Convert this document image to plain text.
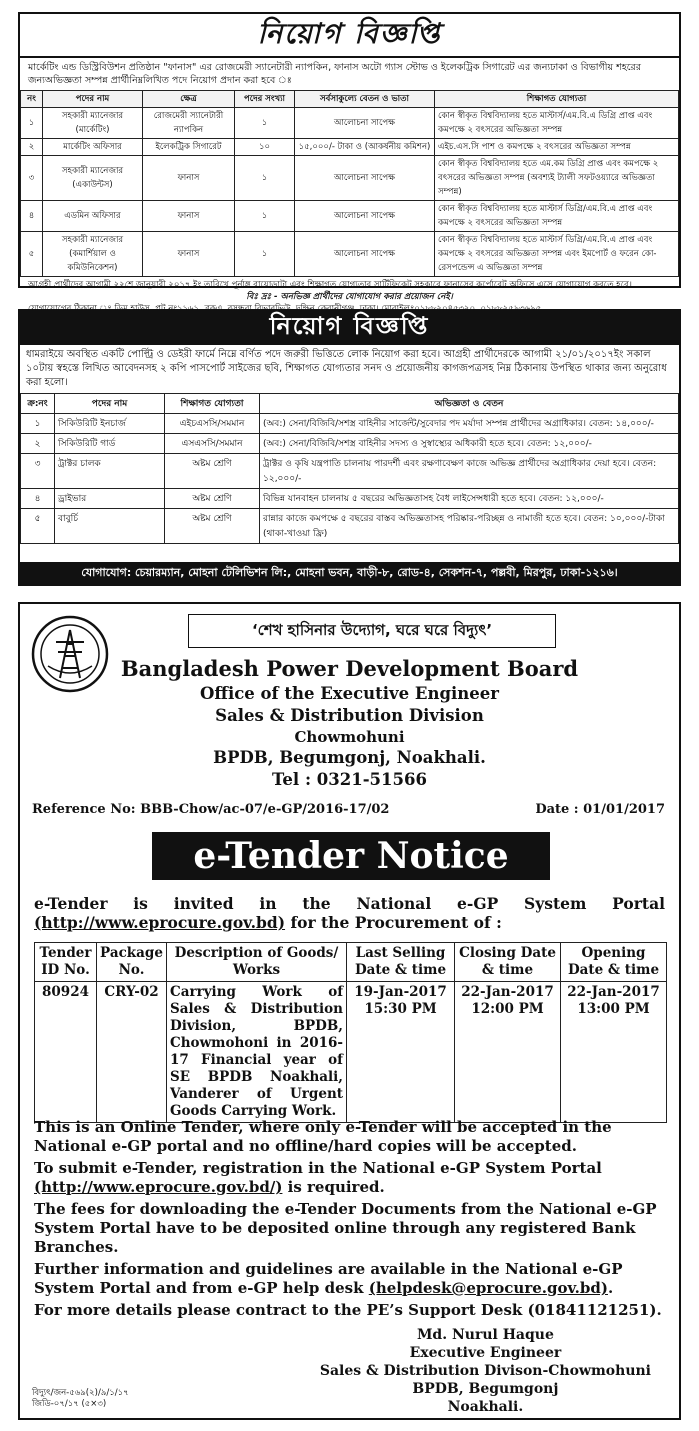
নিয়োগ বিজ্ঞপ্তি
মার্কেটিং এন্ড ডিস্ট্রিবিউশন প্রতিষ্ঠান "ফানাস" এর রোজমেরী স্যানেটারী ন্যাপকিন, ফানাস অটো গ্যাস স্টোভ ও ইলেকট্রিক সিগারেট এর জন্যঢাকা ও বিভাগীয় শহরের জন্যঅভিজ্ঞতা সম্পন্ন প্রার্থীনিম্নলিখিত পদে নিয়োগ প্রদান করা হবে ঃ
নং	পদের নাম	ক্ষেত্র	পদের সংখ্যা	সর্বসাকুল্যে বেতন ও ভাতা	শিক্ষাগত যোগ্যতা
১	সহকারী ম্যানেজার (মার্কেটিং)	রোজমেরী স্যানেটারী ন্যাপকিন	১	আলোচনা সাপেক্ষ	কোন স্বীকৃত বিশ্ববিদ্যালয় হতে মাস্টার্স/এম.বি.এ ডিগ্রি প্রাপ্ত এবং কমপক্ষে ২ বৎসরের অভিজ্ঞতা সম্পন্ন
২	মার্কেটিং অফিসার	ইলেকট্রিক সিগারেট	১০	১৫,০০০/- টাকা ও (আকর্ষনীয় কমিশন)	এইচ.এস.সি পাশ ও কমপক্ষে ২ বৎসরের অভিজ্ঞতা সম্পন্ন
৩	সহকারী ম্যানেজার (একাউন্টস)	ফানাস	১	আলোচনা সাপেক্ষ	কোন স্বীকৃত বিশ্ববিদ্যালয় হতে এম.কম ডিগ্রি প্রাপ্ত এবং কমপক্ষে ২ বৎসরের অভিজ্ঞতা সম্পন্ন (অবশ্যই ট্যালী সফটওয়্যারে অভিজ্ঞতা সম্পন্ন)
৪	এডমিন অফিসার	ফানাস	১	আলোচনা সাপেক্ষ	কোন স্বীকৃত বিশ্ববিদ্যালয় হতে মাস্টার্স ডিগ্রি/এম.বি.এ প্রাপ্ত এবং কমপক্ষে ২ বৎসরের অভিজ্ঞতা সম্পন্ন
৫	সহকারী ম্যানেজার (কমার্শিয়াল ও কমিউনিকেশন)	ফানাস	১	আলোচনা সাপেক্ষ	কোন স্বীকৃত বিশ্ববিদ্যালয় হতে মাস্টার্স ডিগ্রি/এম.বি.এ প্রাপ্ত এবং কমপক্ষে ২ বৎসরের অভিজ্ঞতা সম্পন্ন এবং ইমপোর্ট ও ফরেন কো-রেসপন্ডেন্স এ অভিজ্ঞতা সম্পন্ন
আগ্রহী প্রার্থীদের আগামী ২২শে জানুয়ারী ২০১৭ ইং তারিখে পূর্নাঙ্গ বায়োডাটা এবং শিক্ষাগত যোগ্যতার সার্টিফিকেট সহকারে ফানাসের কর্পোরেট অফিসে এসে যোগাযোগ করতে হবে।
বিঃ দ্রঃ - অনভিজ্ঞ প্রার্থীদের যোগাযোগ করার প্রয়োজন নেই।
নিয়োগ বিজ্ঞপ্তি
ধামরাইয়ে অবস্থিত একটি পোল্ট্রি ও ডেইরী ফার্মে নিম্নে বর্ণিত পদে জরুরী ভিত্তিতে লোক নিয়োগ করা হবে। আগ্রহী প্রার্থীদেরকে আগামী ২১/০১/২০১৭ইং সকাল ১০টায় স্বহস্তে লিখিত আবেদনসহ ২ কপি পাসপোর্ট সাইজের ছবি, শিক্ষাগত যোগ্যতার সনদ ও প্রয়োজনীয় কাগজপত্রসহ নিম্ন ঠিকানায় উপস্থিত থাকার জন্য অনুরোধ করা হলো।
ক্র:নং	পদের নাম	শিক্ষাগত যোগ্যতা	অভিজ্ঞতা ও বেতন
১	সিকিউরিটি ইনচার্জ	এইচএসসি/সমমান	(অব:) সেনা/বিজিবি/সশস্ত্র বাহিনীর সার্জেন্ট/সুবেদার পদ মর্যাদা সম্পন্ন প্রার্থীদের অগ্রাধিকার। বেতন: ১৪,০০০/-
২	সিকিউরিটি গার্ড	এসএসসি/সমমান	(অব:) সেনা/বিজিবি/সশস্ত্র বাহিনীর সদস্য ও সুস্বাস্থ্যের অধিকারী হতে হবে। বেতন: ১২,০০০/-
৩	ট্রাক্টর চালক	অষ্টম শ্রেণি	ট্রাক্টর ও কৃষি যন্ত্রপাতি চালনায় পারদর্শী এবং রক্ষণাবেক্ষণ কাজে অভিজ্ঞ প্রার্থীদের অগ্রাধিকার দেয়া হবে। বেতন: ১২,০০০/-
৪	ড্রাইভার	অষ্টম শ্রেণি	বিভিন্ন যানবাহন চালনায় ৫ বছরের অভিজ্ঞতাসহ বৈধ লাইসেন্সধারী হতে হবে। বেতন: ১২,০০০/-
৫	বাবুর্চি	অষ্টম শ্রেণি	রান্নার কাজে কমপক্ষে ৫ বছরের বাস্তব অভিজ্ঞতাসহ পরিষ্কার-পরিচ্ছন্ন ও নামাজী হতে হবে। বেতন: ১০,০০০/-টাকা (থাকা-খাওয়া ফ্রি)
যোগাযোগ: চেয়ারম্যান, মোহনা টেলিভিশন লি:, মোহনা ভবন, বাড়ী-৮, রোড-৪, সেকশন-৭, পল্লবী, মিরপুর, ঢাকা-১২১৬।
‘শেখ হাসিনার উদ্যোগ, ঘরে ঘরে বিদ্যুৎ’
Bangladesh Power Development Board
Office of the Executive Engineer
Sales & Distribution Division
Chowmohuni
BPDB, Begumgonj, Noakhali.
Tel : 0321-51566
Reference No: BBB-Chow/ac-07/e-GP/2016-17/02	Date : 01/01/2017
e-Tender Notice
e-Tender is invited in the National e-GP System Portal
(http://www.eprocure.gov.bd) for the Procurement of :
Tender ID No.	Package No.	Description of Goods/ Works	Last Selling Date & time	Closing Date & time	Opening Date & time
80924	CRY-02	Carrying Work of Sales & Distribution Division, BPDB, Chowmohoni in 2016-17 Financial year of SE BPDB Noakhali, Vanderer of Urgent Goods Carrying Work.	19-Jan-2017 15:30 PM	22-Jan-2017 12:00 PM	22-Jan-2017 13:00 PM

This is an Online Tender, where only e-Tender will be accepted in the National e-GP portal and no offline/hard copies will be accepted.

To submit e-Tender, registration in the National e-GP System Portal (http://www.eprocure.gov.bd/) is required.

The fees for downloading the e-Tender Documents from the National e-GP System Portal have to be deposited online through any registered Bank Branches.

Further information and guidelines are available in the National e-GP System Portal and from e-GP help desk (helpdesk@eprocure.gov.bd).

For more details please contract to the PE’s Support Desk (01841121251).

Md. Nurul Haque
Executive Engineer
Sales & Distribution Divison-Chowmohuni
BPDB, Begumgonj
Noakhali.
বিদ্যুৎ/জন-৫৬৯(২)/৯/১/১৭
জিডি-০৭/১৭ (৫×৩)
